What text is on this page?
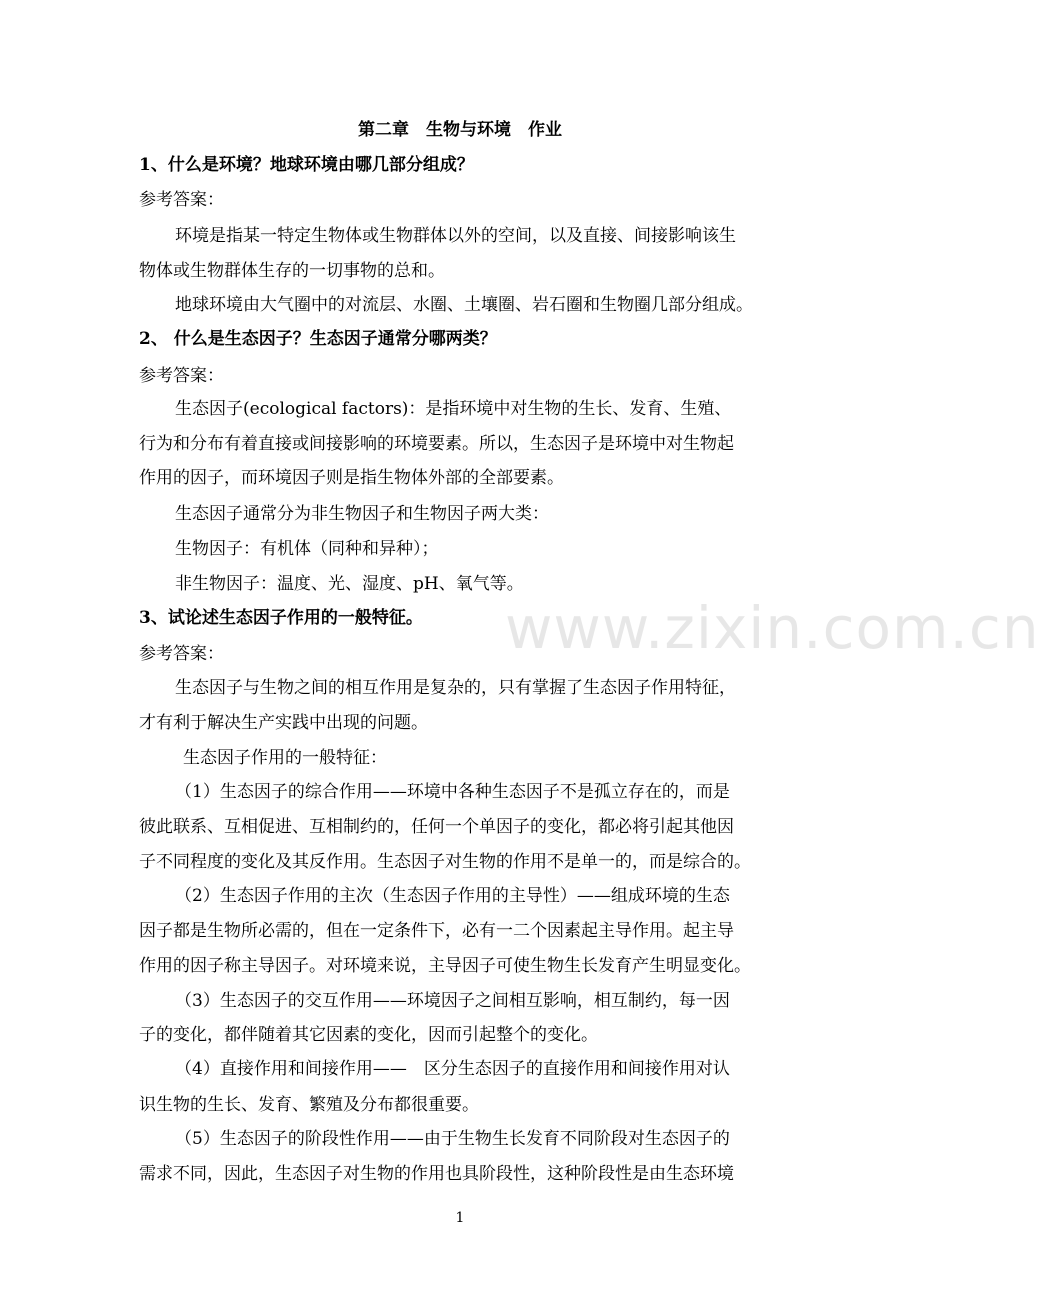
第二章　生物与环境　作业
1、什么是环境？地球环境由哪几部分组成？
参考答案：
环境是指某一特定生物体或生物群体以外的空间，以及直接、间接影响该生
物体或生物群体生存的一切事物的总和。
地球环境由大气圈中的对流层、水圈、土壤圈、岩石圈和生物圈几部分组成。
2、 什么是生态因子？生态因子通常分哪两类？
参考答案：
生态因子(ecological factors)：是指环境中对生物的生长、发育、生殖、
行为和分布有着直接或间接影响的环境要素。所以，生态因子是环境中对生物起
作用的因子，而环境因子则是指生物体外部的全部要素。
生态因子通常分为非生物因子和生物因子两大类：
生物因子：有机体（同种和异种）；
非生物因子：温度、光、湿度、pH、氧气等。
3、试论述生态因子作用的一般特征。
参考答案：
生态因子与生物之间的相互作用是复杂的，只有掌握了生态因子作用特征，
才有利于解决生产实践中出现的问题。
生态因子作用的一般特征：
（1）生态因子的综合作用——环境中各种生态因子不是孤立存在的，而是
彼此联系、互相促进、互相制约的，任何一个单因子的变化，都必将引起其他因
子不同程度的变化及其反作用。生态因子对生物的作用不是单一的，而是综合的。
（2）生态因子作用的主次（生态因子作用的主导性）——组成环境的生态
因子都是生物所必需的，但在一定条件下，必有一二个因素起主导作用。起主导
作用的因子称主导因子。对环境来说，主导因子可使生物生长发育产生明显变化。
（3）生态因子的交互作用——环境因子之间相互影响，相互制约，每一因
子的变化，都伴随着其它因素的变化，因而引起整个的变化。
（4）直接作用和间接作用——　区分生态因子的直接作用和间接作用对认
识生物的生长、发育、繁殖及分布都很重要。
（5）生态因子的阶段性作用——由于生物生长发育不同阶段对生态因子的
需求不同，因此，生态因子对生物的作用也具阶段性，这种阶段性是由生态环境
www.zixin.com.cn
1
